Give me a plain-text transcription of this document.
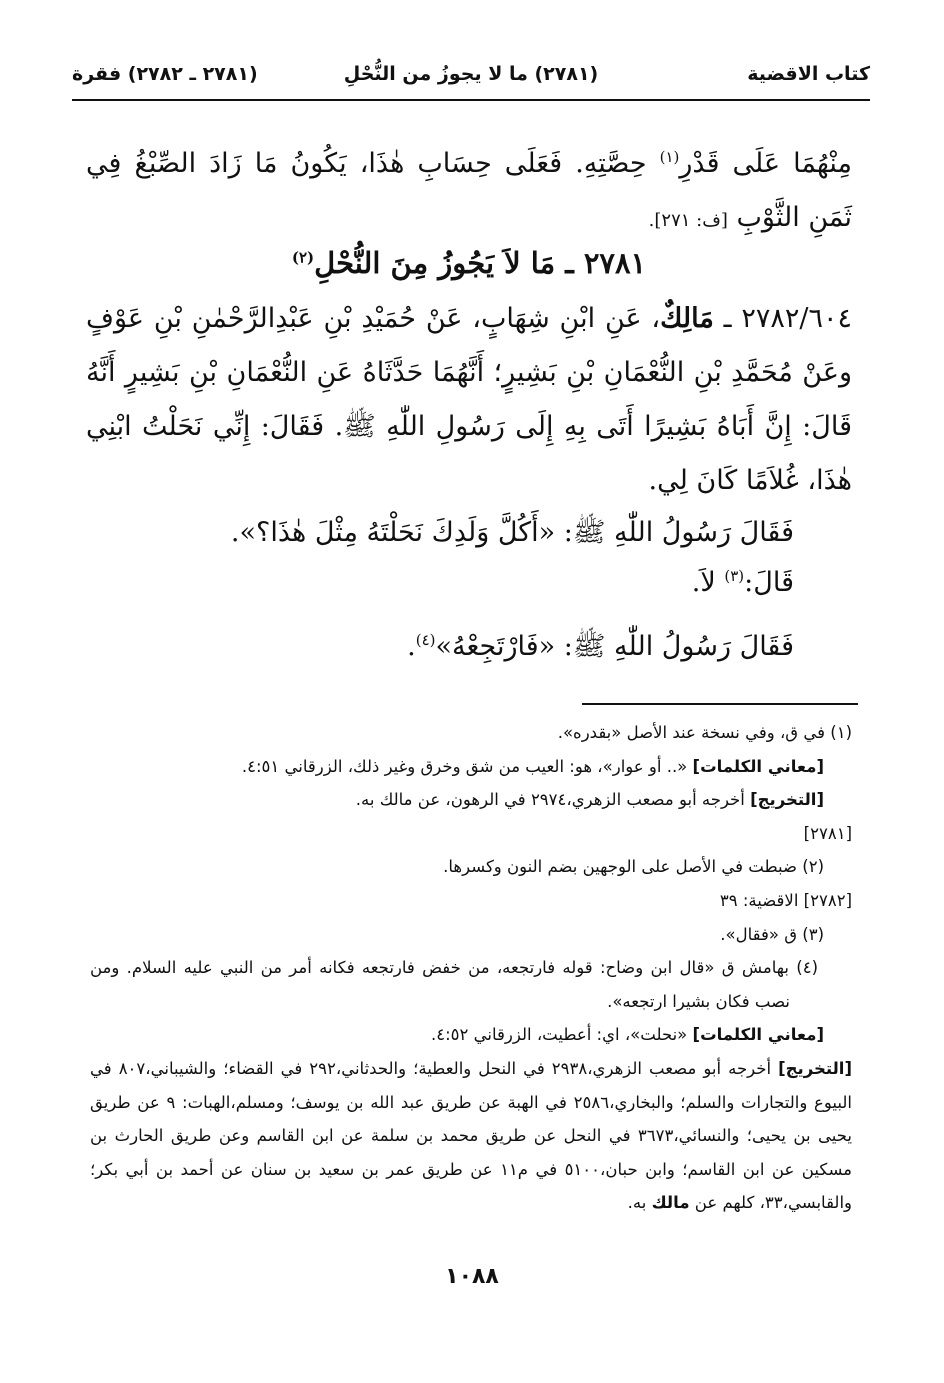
(٢٧٨١) ما لا يجوزُ من النُّحْلِ	كتاب الاقضية
(٢٧٨١ ـ ٢٧٨٢) فقرة
مِنْهُمَا عَلَى قَدْرِ$^{(١)}$ حِصَّتِهِ. فَعَلَى حِسَابِ هٰذَا، يَكُونُ مَا زَادَ الصِّبْغُ فِي ثَمَنِ الثَّوْبِ [ف: ٢٧١].
٢٧٨١ ـ مَا لاَ يَجُوزُ مِنَ النُّحْلِ$^{(٢)}$
٢٧٨٢/٦٠٤ ـ مَالِكٌ، عَنِ ابْنِ شِهَابٍ، عَنْ حُمَيْدِ بْنِ عَبْدِالرَّحْمٰنِ بْنِ عَوْفٍ وعَنْ مُحَمَّدِ بْنِ النُّعْمَانِ بْنِ بَشِيرٍ؛ أَنَّهُمَا حَدَّثَاهُ عَنِ النُّعْمَانِ بْنِ بَشِيرٍ أَنَّهُ قَالَ: إِنَّ أَبَاهُ بَشِيرًا أَتَى بِهِ إِلَى رَسُولِ اللّٰهِ ﷺ. فَقَالَ: إِنِّي نَحَلْتُ ابْنِي هٰذَا، غُلاَمًا كَانَ لِي.
فَقَالَ رَسُولُ اللّٰهِ ﷺ: «أَكُلَّ وَلَدِكَ نَحَلْتَهُ مِثْلَ هٰذَا؟».
قَالَ:$^{(٣)}$ لاَ.
فَقَالَ رَسُولُ اللّٰهِ ﷺ: «فَارْتَجِعْهُ»$^{(٤)}$.
(١) في ق، وفي نسخة عند الأصل «بقدره».
[معاني الكلمات] «.. أو عوار»، هو: العيب من شق وخرق وغير ذلك، الزرقاني ٤:٥١.
[التخريج] أخرجه أبو مصعب الزهري،٢٩٧٤ في الرهون، عن مالك به.
[٢٧٨١]
(٢) ضبطت في الأصل على الوجهين بضم النون وكسرها.
[٢٧٨٢] الاقضية: ٣٩
(٣) ق «فقال».
(٤) بهامش ق «قال ابن وضاح: قوله فارتجعه، من خفض فارتجعه فكانه أمر من النبي عليه السلام. ومن نصب فكان بشيرا ارتجعه».
[معاني الكلمات] «نحلت»، اي: أعطيت، الزرقاني ٤:٥٢.
[التخريج] أخرجه أبو مصعب الزهري،٢٩٣٨ في النحل والعطية؛ والحدثاني،٢٩٢ في القضاء؛ والشيباني،٨٠٧ في البيوع والتجارات والسلم؛ والبخاري،٢٥٨٦ في الهبة عن طريق عبد الله بن يوسف؛ ومسلم،الهبات: ٩ عن طريق يحيى بن يحيى؛ والنسائي،٣٦٧٣ في النحل عن طريق محمد بن سلمة عن ابن القاسم وعن طريق الحارث بن مسكين عن ابن القاسم؛ وابن حبان،٥١٠٠ في م١١ عن طريق عمر بن سعيد بن سنان عن أحمد بن أبي بكر؛ والقابسي،٣٣، كلهم عن مالك به.
١٠٨٨
